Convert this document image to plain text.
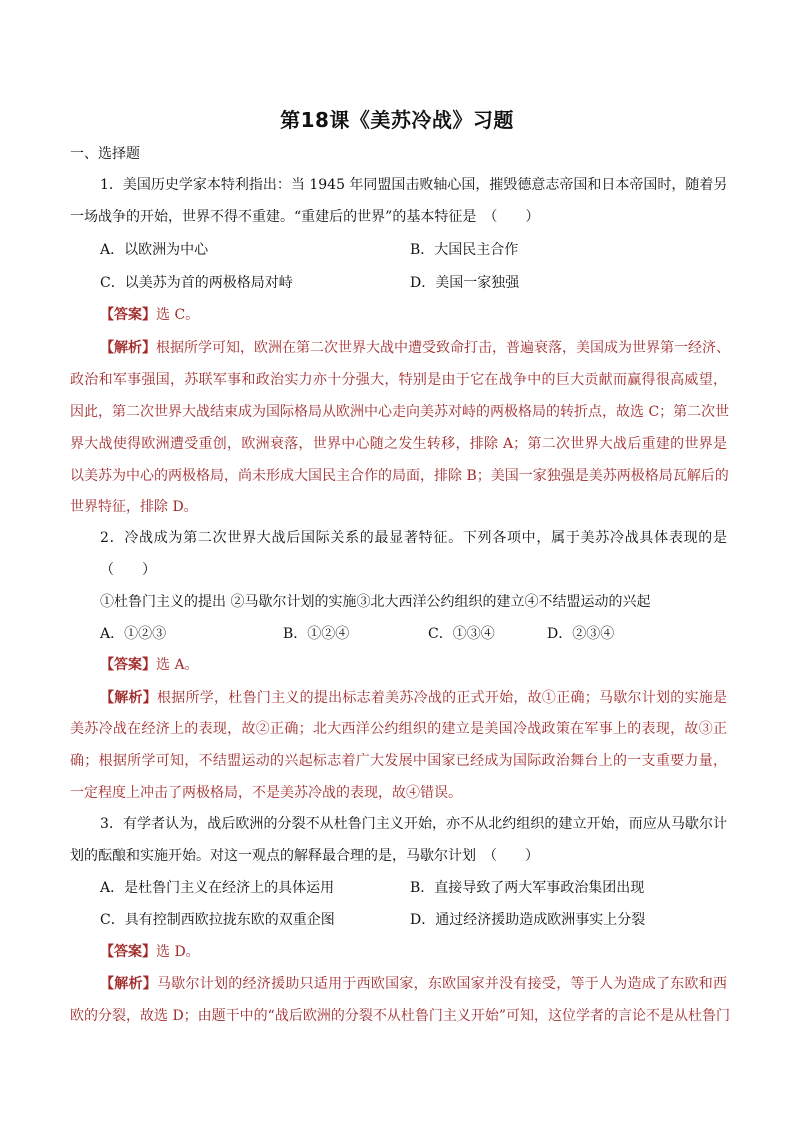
第18课《美苏冷战》习题
一、选择题
1．美国历史学家本特利指出：当 1945 年同盟国击败轴心国，摧毁德意志帝国和日本帝国时，随着另
一场战争的开始，世界不得不重建。“重建后的世界”的基本特征是　（　　）
A．以欧洲为中心	B．大国民主合作
C．以美苏为首的两极格局对峙	D．美国一家独强
【答案】选 C。
【解析】根据所学可知，欧洲在第二次世界大战中遭受致命打击，普遍衰落，美国成为世界第一经济、
政治和军事强国，苏联军事和政治实力亦十分强大，特别是由于它在战争中的巨大贡献而赢得很高威望，
因此，第二次世界大战结束成为国际格局从欧洲中心走向美苏对峙的两极格局的转折点，故选 C；第二次世
界大战使得欧洲遭受重创，欧洲衰落，世界中心随之发生转移，排除 A；第二次世界大战后重建的世界是
以美苏为中心的两极格局，尚未形成大国民主合作的局面，排除 B；美国一家独强是美苏两极格局瓦解后的
世界特征，排除 D。
2．冷战成为第二次世界大战后国际关系的最显著特征。下列各项中，属于美苏冷战具体表现的是
（　　）
①杜鲁门主义的提出 ②马歇尔计划的实施③北大西洋公约组织的建立④不结盟运动的兴起
A．①②③	B．①②④	C．①③④	D．②③④
【答案】选 A。
【解析】根据所学，杜鲁门主义的提出标志着美苏冷战的正式开始，故①正确；马歇尔计划的实施是
美苏冷战在经济上的表现，故②正确；北大西洋公约组织的建立是美国冷战政策在军事上的表现，故③正
确；根据所学可知，不结盟运动的兴起标志着广大发展中国家已经成为国际政治舞台上的一支重要力量，
一定程度上冲击了两极格局，不是美苏冷战的表现，故④错误。
3．有学者认为，战后欧洲的分裂不从杜鲁门主义开始，亦不从北约组织的建立开始，而应从马歇尔计
划的酝酿和实施开始。对这一观点的解释最合理的是，马歇尔计划　（　　）
A．是杜鲁门主义在经济上的具体运用	B．直接导致了两大军事政治集团出现
C．具有控制西欧拉拢东欧的双重企图	D．通过经济援助造成欧洲事实上分裂
【答案】选 D。
【解析】马歇尔计划的经济援助只适用于西欧国家，东欧国家并没有接受，等于人为造成了东欧和西
欧的分裂，故选 D；由题干中的“战后欧洲的分裂不从杜鲁门主义开始”可知，这位学者的言论不是从杜鲁门
